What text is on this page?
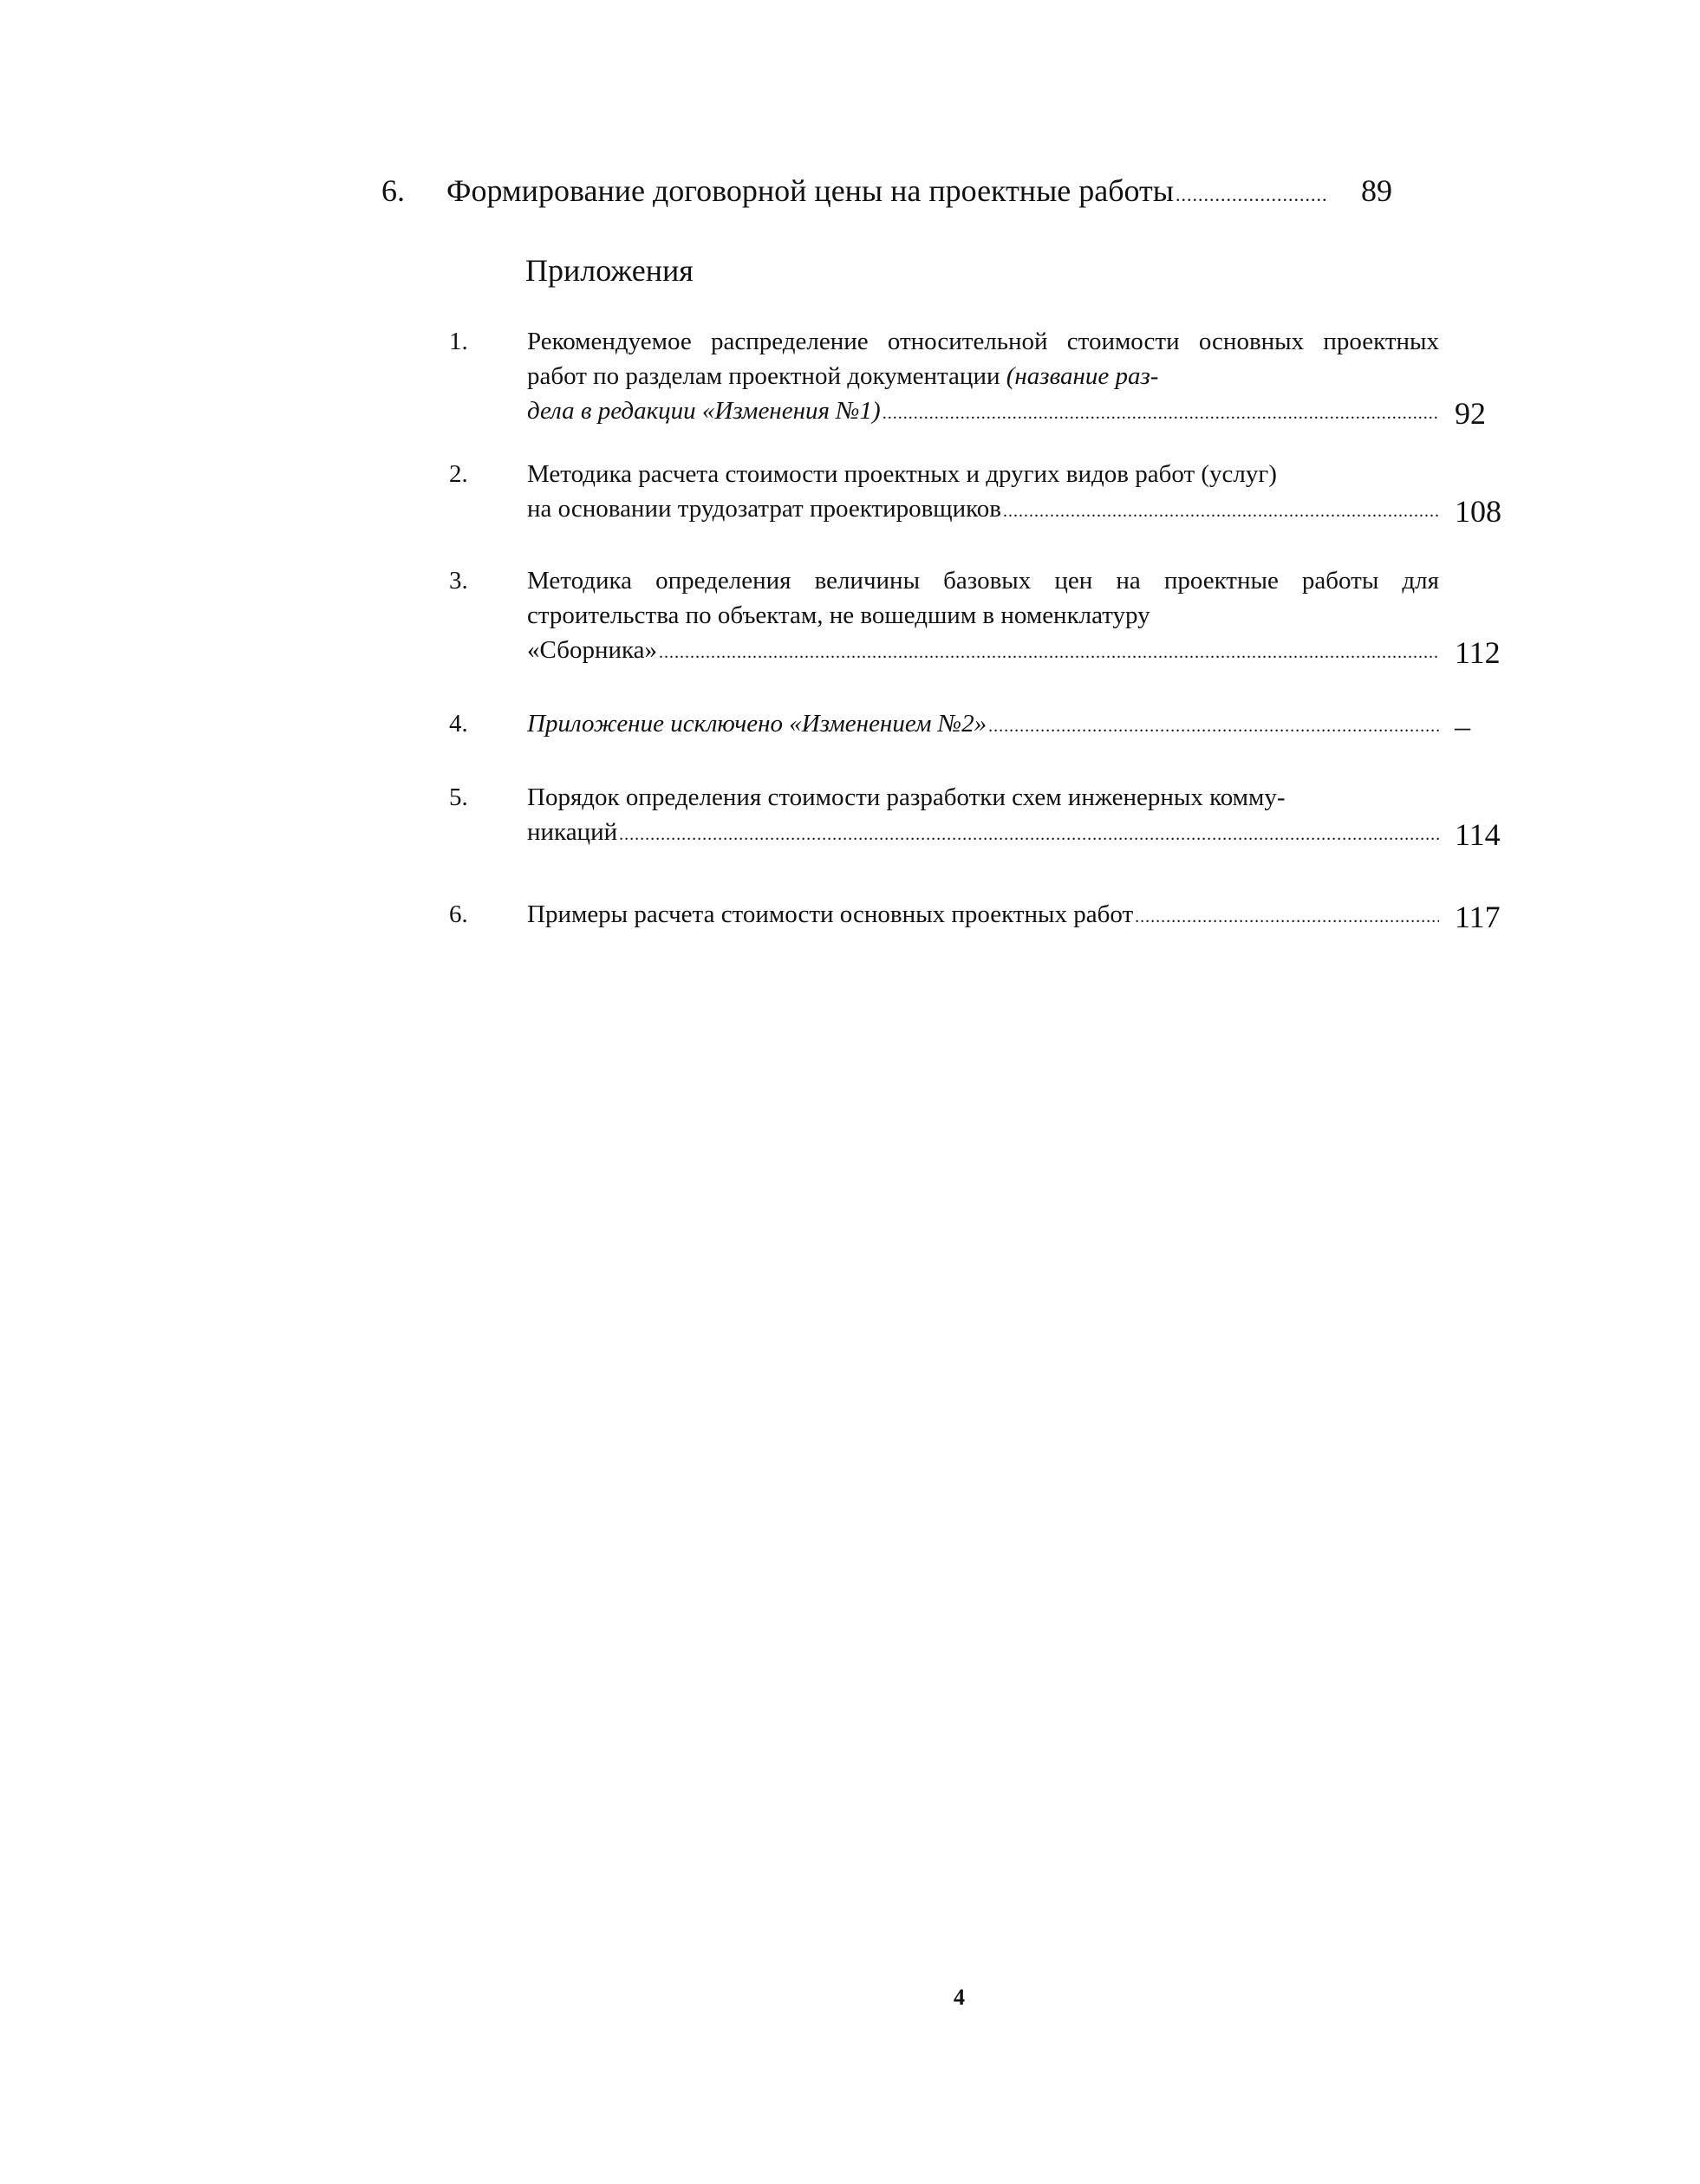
6.	Формирование договорной цены на проектные работы .....	89
Приложения
1.	Рекомендуемое распределение относительной стоимости основных проектных работ по разделам проектной документации (название раз-
дела в редакции «Изменения №1) .....	92
2.	Методика расчета стоимости проектных и других видов работ (услуг)
на основании трудозатрат проектировщиков .....	108
3.	Методика определения величины базовых цен на проектные работы для строительства по объектам, не вошедшим в номенклатуру
«Сборника» .....	112
4.	Приложение исключено «Изменением №2» .....	–
5.	Порядок определения стоимости разработки схем инженерных комму-
никаций .....	114
6.	Примеры расчета стоимости основных проектных работ .....	117
4
